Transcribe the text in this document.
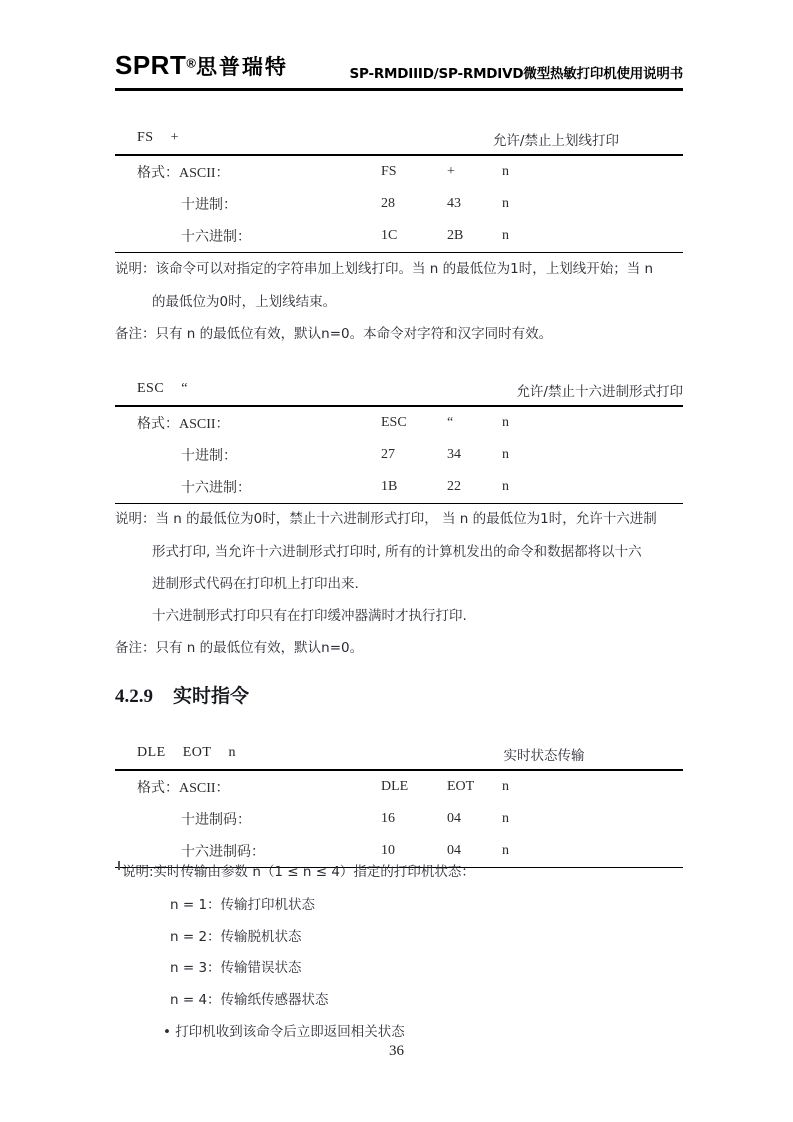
SPRT®思普瑞特	SP-RMDIIID/SP-RMDIVD微型热敏打印机使用说明书
FS +	允许/禁止上划线打印
格式：ASCII：	FS	+	n	
十进制：	28	43	n	
十六进制：	1C	2B	n	
说明：该命令可以对指定的字符串加上划线打印。当 n 的最低位为1时，上划线开始；当 n
的最低位为0时，上划线结束。
备注：只有 n 的最低位有效，默认n=0。本命令对字符和汉字同时有效。
ESC “	允许/禁止十六进制形式打印
格式：ASCII：	ESC	“	n	
十进制：	27	34	n	
十六进制：	1B	22	n	
说明：当 n 的最低位为0时，禁止十六进制形式打印， 当 n 的最低位为1时，允许十六进制
形式打印, 当允许十六进制形式打印时, 所有的计算机发出的命令和数据都将以十六
进制形式代码在打印机上打印出来.
十六进制形式打印只有在打印缓冲器满时才执行打印.
备注：只有 n 的最低位有效，默认n=0。
4.2.9 实时指令
DLE EOT n	实时状态传输
格式：ASCII：	DLE	EOT	n	
十进制码：	16	04	n	
十六进制码：	10	04	n	
说明:实时传输由参数 n（1 ≤ n ≤ 4）指定的打印机状态：
n = 1：传输打印机状态
n = 2：传输脱机状态
n = 3：传输错误状态
n = 4：传输纸传感器状态
• 打印机收到该命令后立即返回相关状态
36
